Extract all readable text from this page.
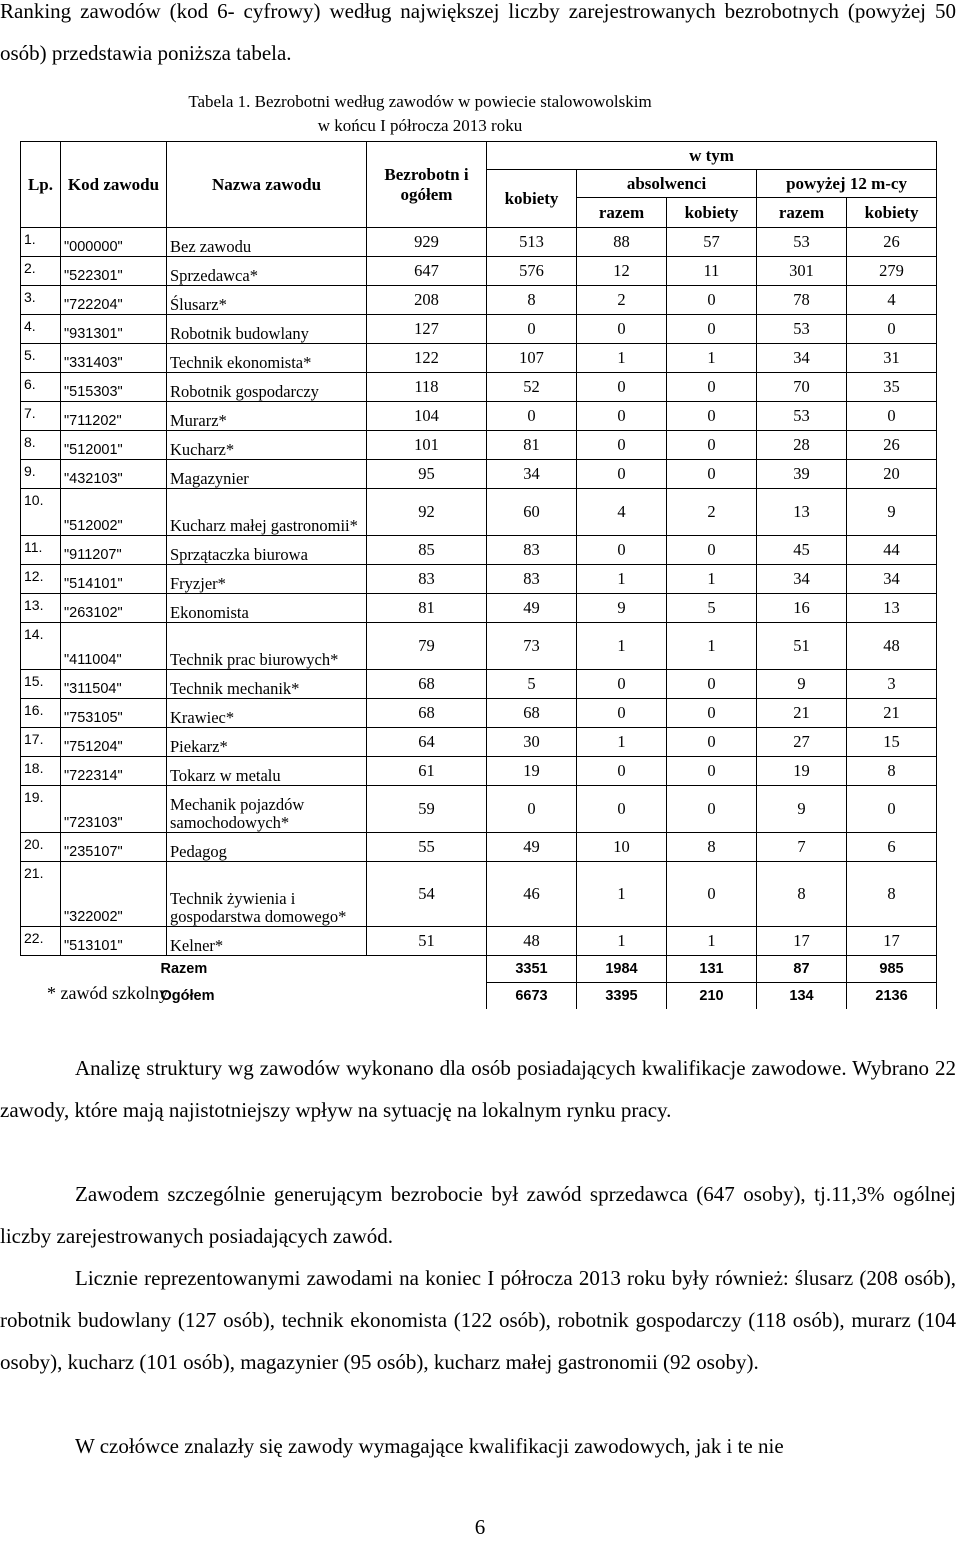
Ranking zawodów (kod 6- cyfrowy) według największej liczby zarejestrowanych bezrobotnych (powyżej 50 osób) przedstawia poniższa tabela.
Tabela 1. Bezrobotni według zawodów w powiecie stalowowolskim
w końcu I półrocza 2013 roku
Lp.	Kod zawodu	Nazwa zawodu	Bezrobotn i ogółem	w tym					
				kobiety	absolwenci		powyżej 12 m-cy		
					razem	kobiety	razem	kobiety	
1.	"000000"	Bez zawodu	929	513	88	57	53	26	
2.	"522301"	Sprzedawca*	647	576	12	11	301	279	
3.	"722204"	Ślusarz*	208	8	2	0	78	4	
4.	"931301"	Robotnik budowlany	127	0	0	0	53	0	
5.	"331403"	Technik ekonomista*	122	107	1	1	34	31	
6.	"515303"	Robotnik gospodarczy	118	52	0	0	70	35	
7.	"711202"	Murarz*	104	0	0	0	53	0	
8.	"512001"	Kucharz*	101	81	0	0	28	26	
9.	"432103"	Magazynier	95	34	0	0	39	20	
10.	"512002"	Kucharz małej gastronomii*	92	60	4	2	13	9	
11.	"911207"	Sprzątaczka biurowa	85	83	0	0	45	44	
12.	"514101"	Fryzjer*	83	83	1	1	34	34	
13.	"263102"	Ekonomista	81	49	9	5	16	13	
14.	"411004"	Technik prac biurowych*	79	73	1	1	51	48	
15.	"311504"	Technik mechanik*	68	5	0	0	9	3	
16.	"753105"	Krawiec*	68	68	0	0	21	21	
17.	"751204"	Piekarz*	64	30	1	0	27	15	
18.	"722314"	Tokarz w metalu	61	19	0	0	19	8	
19.	"723103"	Mechanik pojazdów samochodowych*	59	0	0	0	9	0	
20.	"235107"	Pedagog	55	49	10	8	7	6	
21.	"322002"	Technik żywienia i gospodarstwa domowego*	54	46	1	0	8	8	
22.	"513101"	Kelner*	51	48	1	1	17	17	
Razem				3351	1984	131	87	985	
Ogółem				6673	3395	210	134	2136	
* zawód szkolny
Analizę struktury wg zawodów wykonano dla osób posiadających kwalifikacje zawodowe. Wybrano 22 zawody, które mają najistotniejszy wpływ na sytuację na lokalnym rynku pracy.
Zawodem szczególnie generującym bezrobocie był zawód sprzedawca (647 osoby), tj.11,3% ogólnej liczby zarejestrowanych posiadających zawód.
Licznie reprezentowanymi zawodami na koniec I półrocza 2013 roku były również: ślusarz (208 osób), robotnik budowlany (127 osób), technik ekonomista (122 osób), robotnik gospodarczy (118 osób), murarz (104 osoby), kucharz (101 osób), magazynier (95 osób), kucharz małej gastronomii (92 osoby).
W czołówce znalazły się zawody wymagające kwalifikacji zawodowych, jak i te nie
6
